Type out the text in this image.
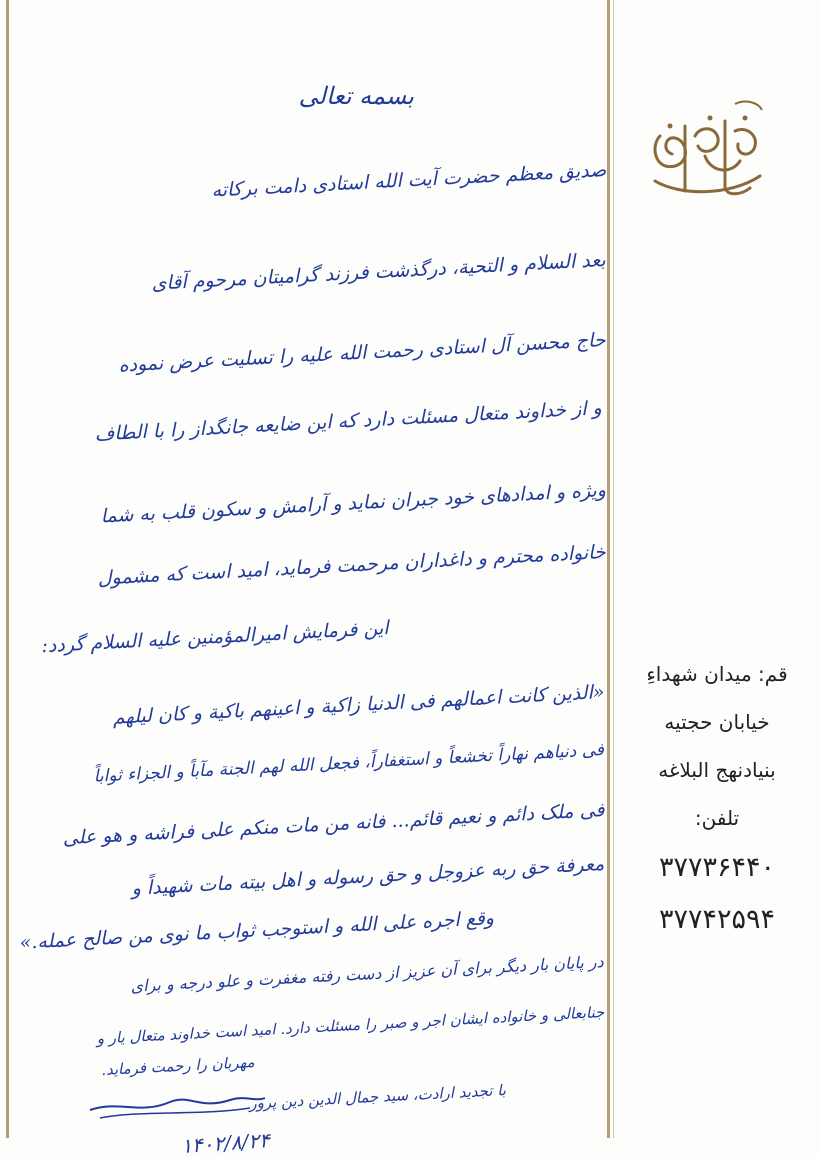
قم: میدان شهداءِ
خیابان حجتیه
بنیادنهج البلاغه
تلفن:
۳۷۷۳۶۴۴۰
۳۷۷۴۲۵۹۴
بسمه تعالی
صدیق معظم حضرت آیت الله استادی دامت برکاته
بعد السلام و التحیة، درگذشت فرزند گرامیتان مرحوم آقای
حاج محسن آل استادی رحمت الله علیه را تسلیت عرض نموده
و از خداوند متعال مسئلت دارد که این ضایعه جانگداز را با الطاف
ویژه و امدادهای خود جبران نماید و آرامش و سکون قلب به شما
خانواده محترم و داغداران مرحمت فرماید، امید است که مشمول
این فرمایش امیرالمؤمنین علیه السلام گردد:
«الذین کانت اعمالهم فی الدنیا زاکیة و اعینهم باکیة و کان لیلهم
فی دنیاهم نهاراً تخشعاً و استغفاراً، فجعل الله لهم الجنة مآباً و الجزاء ثواباً
فی ملک دائم و نعیم قائم... فانه من مات منکم علی فراشه و هو علی
معرفة حق ربه عزوجل و حق رسوله و اهل بیته مات شهیداً و
وقع اجره علی الله و استوجب ثواب ما نوی من صالح عمله.»
در پایان بار دیگر برای آن عزیز از دست رفته مغفرت و علو درجه و برای
جنابعالی و خانواده ایشان اجر و صبر را مسئلت دارد. امید است خداوند متعال یار و
مهربان را رحمت فرماید.
با تجدید ارادت، سید جمال الدین دین پرور
۱۴۰۲/۸/۲۴
